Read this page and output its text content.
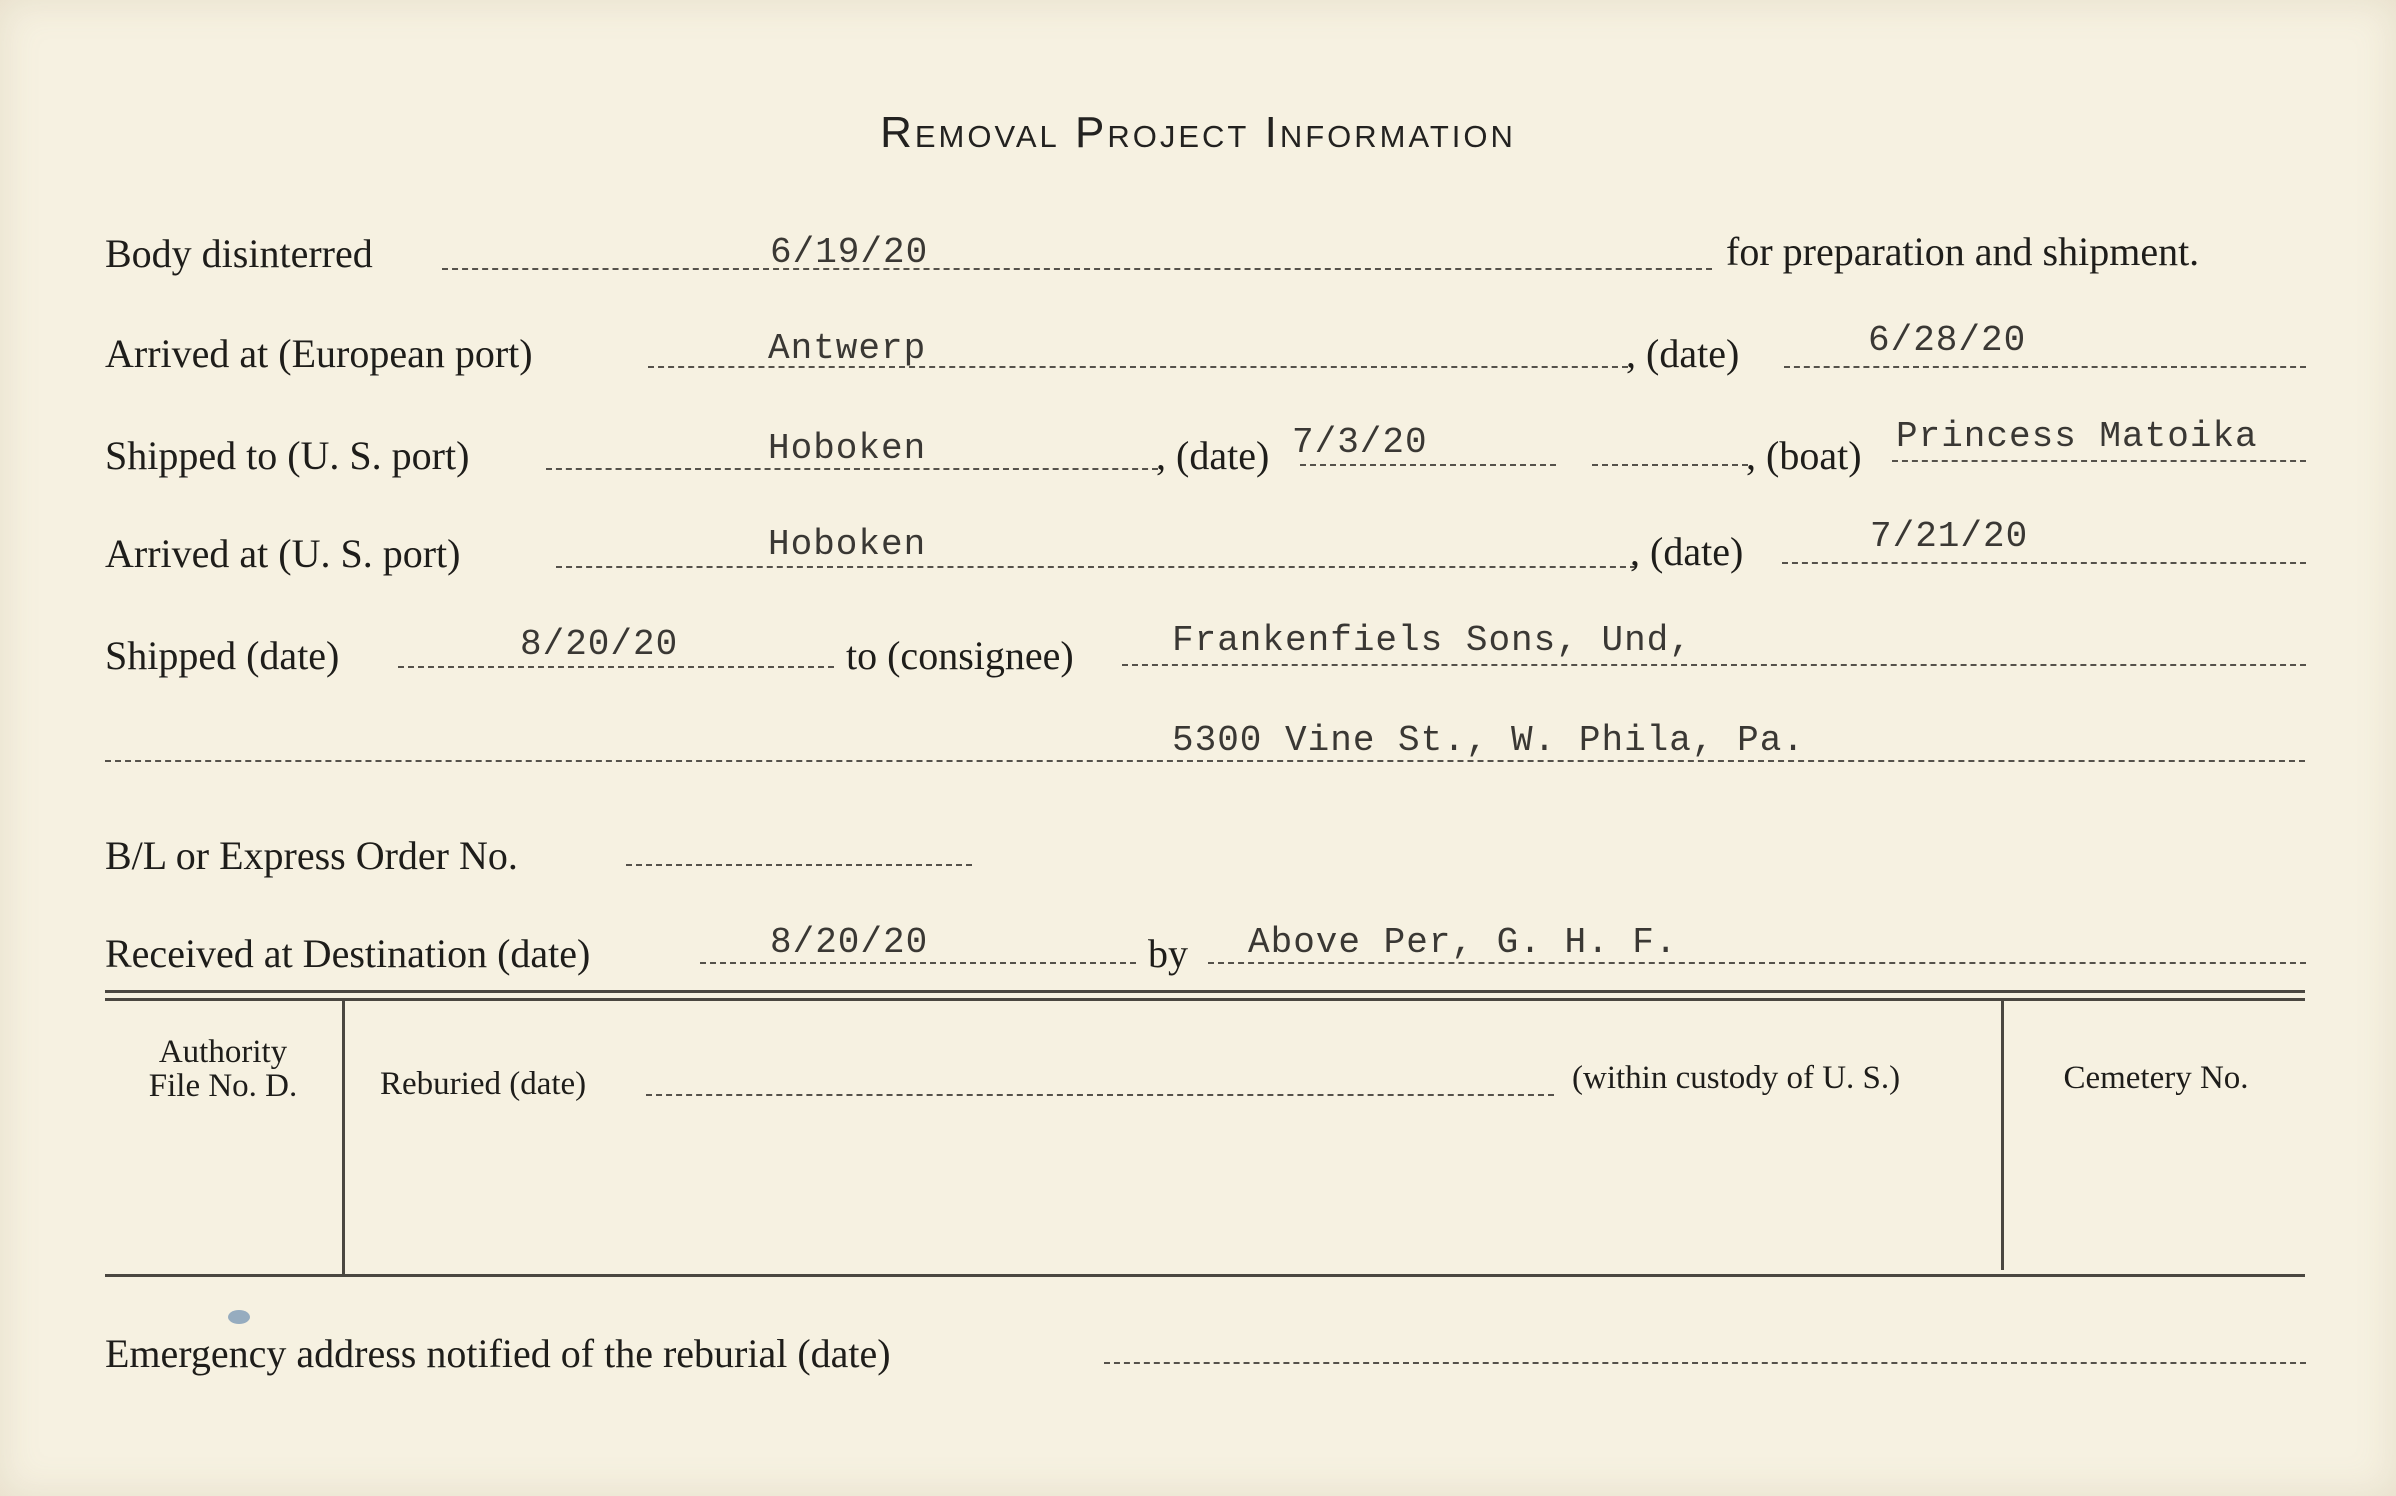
Removal Project Information
Body disinterred	6/19/20	for preparation and shipment.
Arrived at (European port)	Antwerp	, (date)	6/28/20
Shipped to (U. S. port)	Hoboken	, (date) 7/3/20	, (boat) Princess Matoika
Arrived at (U. S. port)	Hoboken	, (date)	7/21/20
Shipped (date)	8/20/20	to (consignee)	Frankenfiels Sons, Und,
5300 Vine St., W. Phila, Pa.
B/L or Express Order No.
Received at Destination (date)	8/20/20	by Above Per, G. H. F.
Authority
File No. D.	Reburied (date)	(within custody of U. S.)	Cemetery No.
Emergency address notified of the reburial (date)
